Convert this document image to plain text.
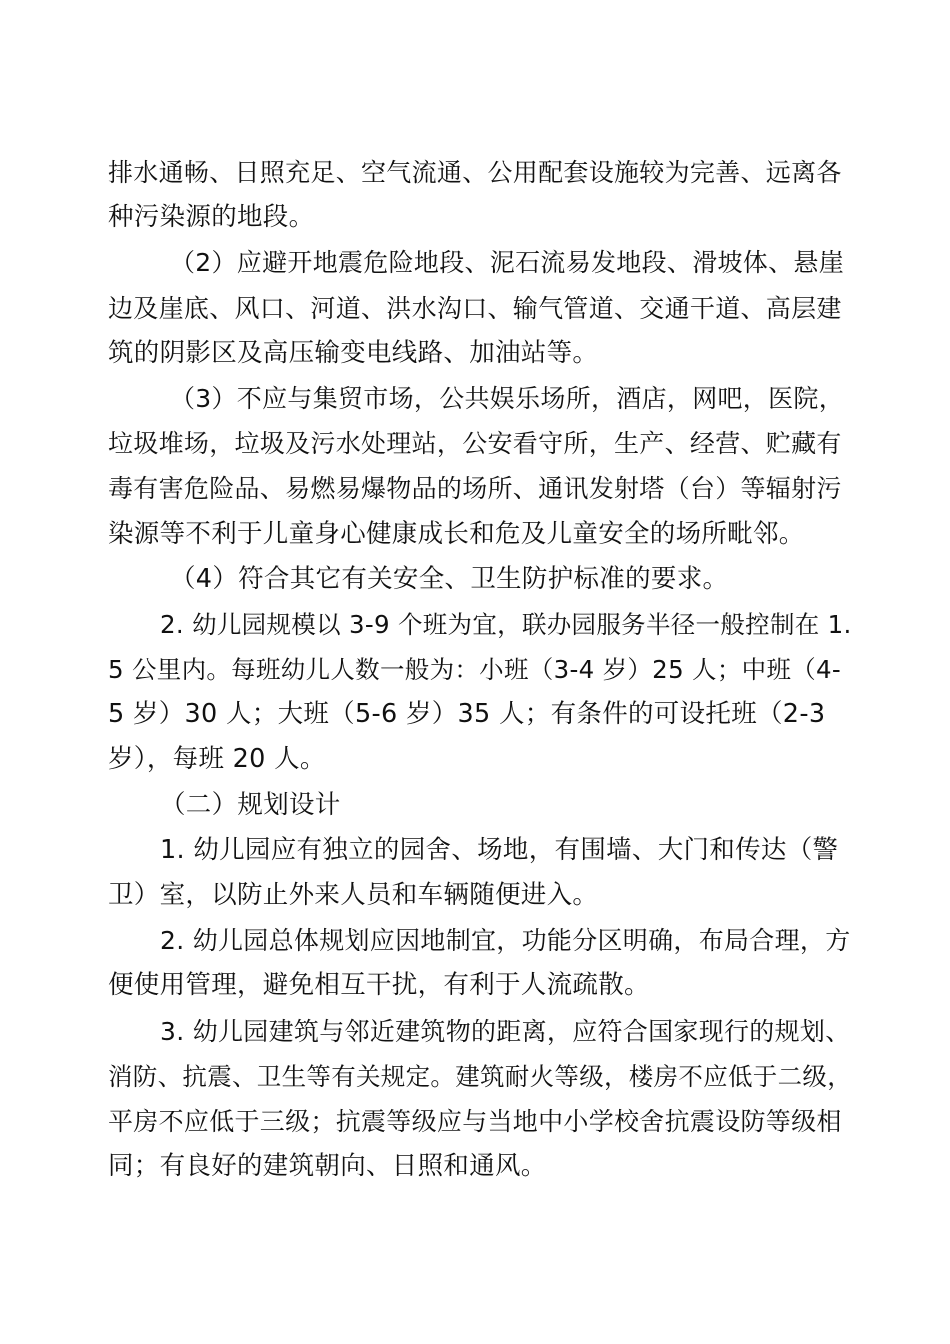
排水通畅、日照充足、空气流通、公用配套设施较为完善、远离各
种污染源的地段。
（2）应避开地震危险地段、泥石流易发地段、滑坡体、悬崖
边及崖底、风口、河道、洪水沟口、输气管道、交通干道、高层建
筑的阴影区及高压输变电线路、加油站等。
（3）不应与集贸市场，公共娱乐场所，酒店，网吧，医院，
垃圾堆场，垃圾及污水处理站，公安看守所，生产、经营、贮藏有
毒有害危险品、易燃易爆物品的场所、通讯发射塔（台）等辐射污
染源等不利于儿童身心健康成长和危及儿童安全的场所毗邻。
（4）符合其它有关安全、卫生防护标准的要求。
2. 幼儿园规模以 3-9 个班为宜，联办园服务半径一般控制在 1.
5 公里内。每班幼儿人数一般为：小班（3-4 岁）25 人；中班（4-
5 岁）30 人；大班（5-6 岁）35 人；有条件的可设托班（2-3
岁），每班 20 人。
（二）规划设计
1. 幼儿园应有独立的园舍、场地，有围墙、大门和传达（警
卫）室，以防止外来人员和车辆随便进入。
2. 幼儿园总体规划应因地制宜，功能分区明确，布局合理，方
便使用管理，避免相互干扰，有利于人流疏散。
3. 幼儿园建筑与邻近建筑物的距离，应符合国家现行的规划、
消防、抗震、卫生等有关规定。建筑耐火等级，楼房不应低于二级，
平房不应低于三级；抗震等级应与当地中小学校舍抗震设防等级相
同；有良好的建筑朝向、日照和通风。
